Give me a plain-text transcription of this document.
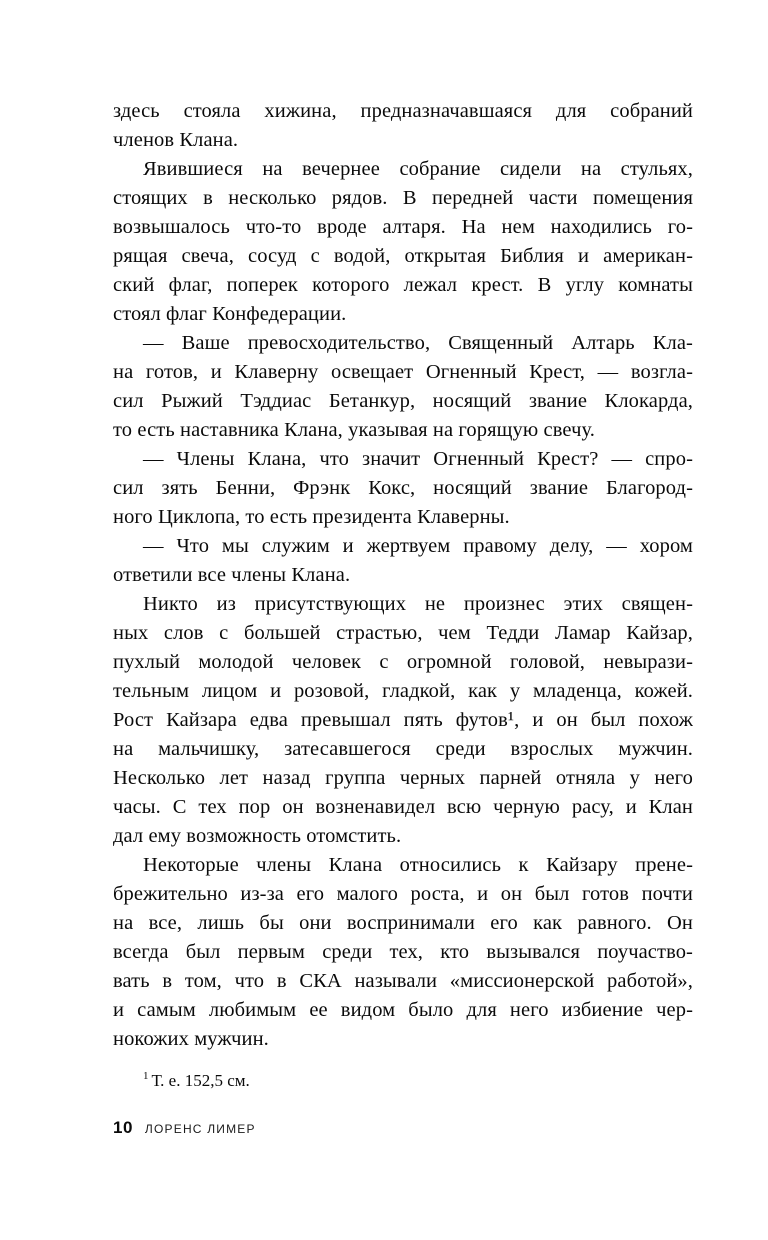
здесь стояла хижина, предназначавшаяся для собраний
членов Клана.
Явившиеся на вечернее собрание сидели на стульях,
стоящих в несколько рядов. В передней части помещения
возвышалось что-то вроде алтаря. На нем находились го-
рящая свеча, сосуд с водой, открытая Библия и американ-
ский флаг, поперек которого лежал крест. В углу комнаты
стоял флаг Конфедерации.
— Ваше превосходительство, Священный Алтарь Кла-
на готов, и Клаверну освещает Огненный Крест, — возгла-
сил Рыжий Тэддиас Бетанкур, носящий звание Клокарда,
то есть наставника Клана, указывая на горящую свечу.
— Члены Клана, что значит Огненный Крест? — спро-
сил зять Бенни, Фрэнк Кокс, носящий звание Благород-
ного Циклопа, то есть президента Клаверны.
— Что мы служим и жертвуем правому делу, — хором
ответили все члены Клана.
Никто из присутствующих не произнес этих священ-
ных слов с большей страстью, чем Тедди Ламар Кайзар,
пухлый молодой человек с огромной головой, невырази-
тельным лицом и розовой, гладкой, как у младенца, кожей.
Рост Кайзара едва превышал пять футов¹, и он был похож
на мальчишку, затесавшегося среди взрослых мужчин.
Несколько лет назад группа черных парней отняла у него
часы. С тех пор он возненавидел всю черную расу, и Клан
дал ему возможность отомстить.
Некоторые члены Клана относились к Кайзару прене-
брежительно из-за его малого роста, и он был готов почти
на все, лишь бы они воспринимали его как равного. Он
всегда был первым среди тех, кто вызывался поучаство-
вать в том, что в СКА называли «миссионерской работой»,
и самым любимым ее видом было для него избиение чер-
нокожих мужчин.
$^1$ Т. е. 152,5 см.
10 ЛОРЕНС ЛИМЕР
